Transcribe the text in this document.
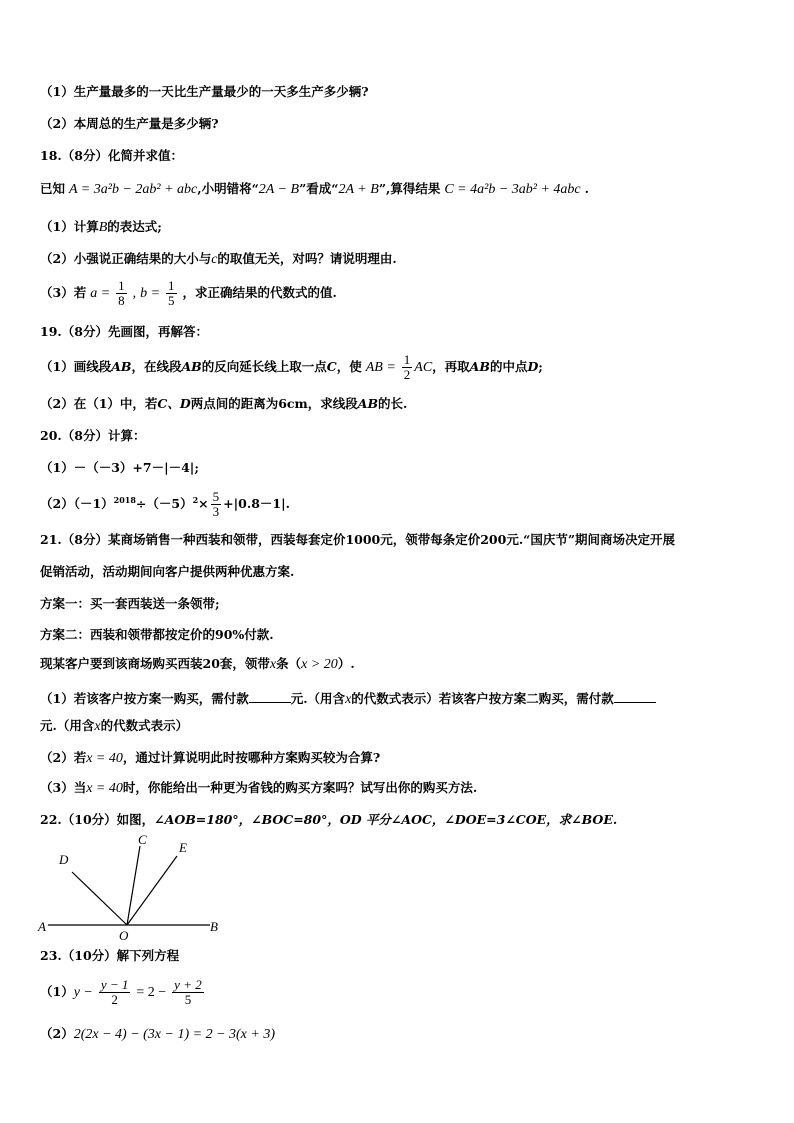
（1）生产量最多的一天比生产量最少的一天多生产多少辆?
（2）本周总的生产量是多少辆?
18.（8分）化简并求值：
已知 A = 3a²b − 2ab² + abc,小明错将“2A − B”看成“2A + B”,算得结果 C = 4a²b − 3ab² + 4abc .
（1）计算B的表达式;
（2）小强说正确结果的大小与c的取值无关，对吗？请说明理由.
（3）若 $a = \frac{1}{8}$ , $b = \frac{1}{5}$ ，求正确结果的代数式的值.
19.（8分）先画图，再解答：
（1）画线段AB，在线段AB的反向延长线上取一点C，使 AB = $\frac{1}{2}$ AC，再取AB的中点D;
（2）在（1）中，若C、D两点间的距离为6cm，求线段AB的长.
20.（8分）计算：
（1）－（－3）+7－|－4|;
$(2)(-1)^{2018}\div(-5)^2\times \frac{5}{3} +|0.8-1|$.
21.（8分）某商场销售一种西装和领带，西装每套定价1000元，领带每条定价200元.“国庆节”期间商场决定开展
促销活动，活动期间向客户提供两种优惠方案.
方案一：买一套西装送一条领带;
方案二：西装和领带都按定价的90%付款.
现某客户要到该商场购买西装20套，领带x条（x > 20）.
（1）若该客户按方案一购买，需付款	元.（用含x的代数式表示）若该客户按方案二购买，需付款
元.（用含x的代数式表示）
（2）若x = 40，通过计算说明此时按哪种方案购买较为合算?
（3）当x = 40时，你能给出一种更为省钱的购买方案吗？试写出你的购买方法.
22.（10分）如图，∠AOB=180°，∠BOC=80°，OD 平分∠AOC，∠DOE=3∠COE，求∠BOE.
A	B
C
D
E
O
23.（10分）解下列方程
$(1)y - \frac{y - 1}{2} = 2 - \frac{y + 2}{5}$
（2）2(2x − 4) − (3x − 1) = 2 − 3(x + 3)
